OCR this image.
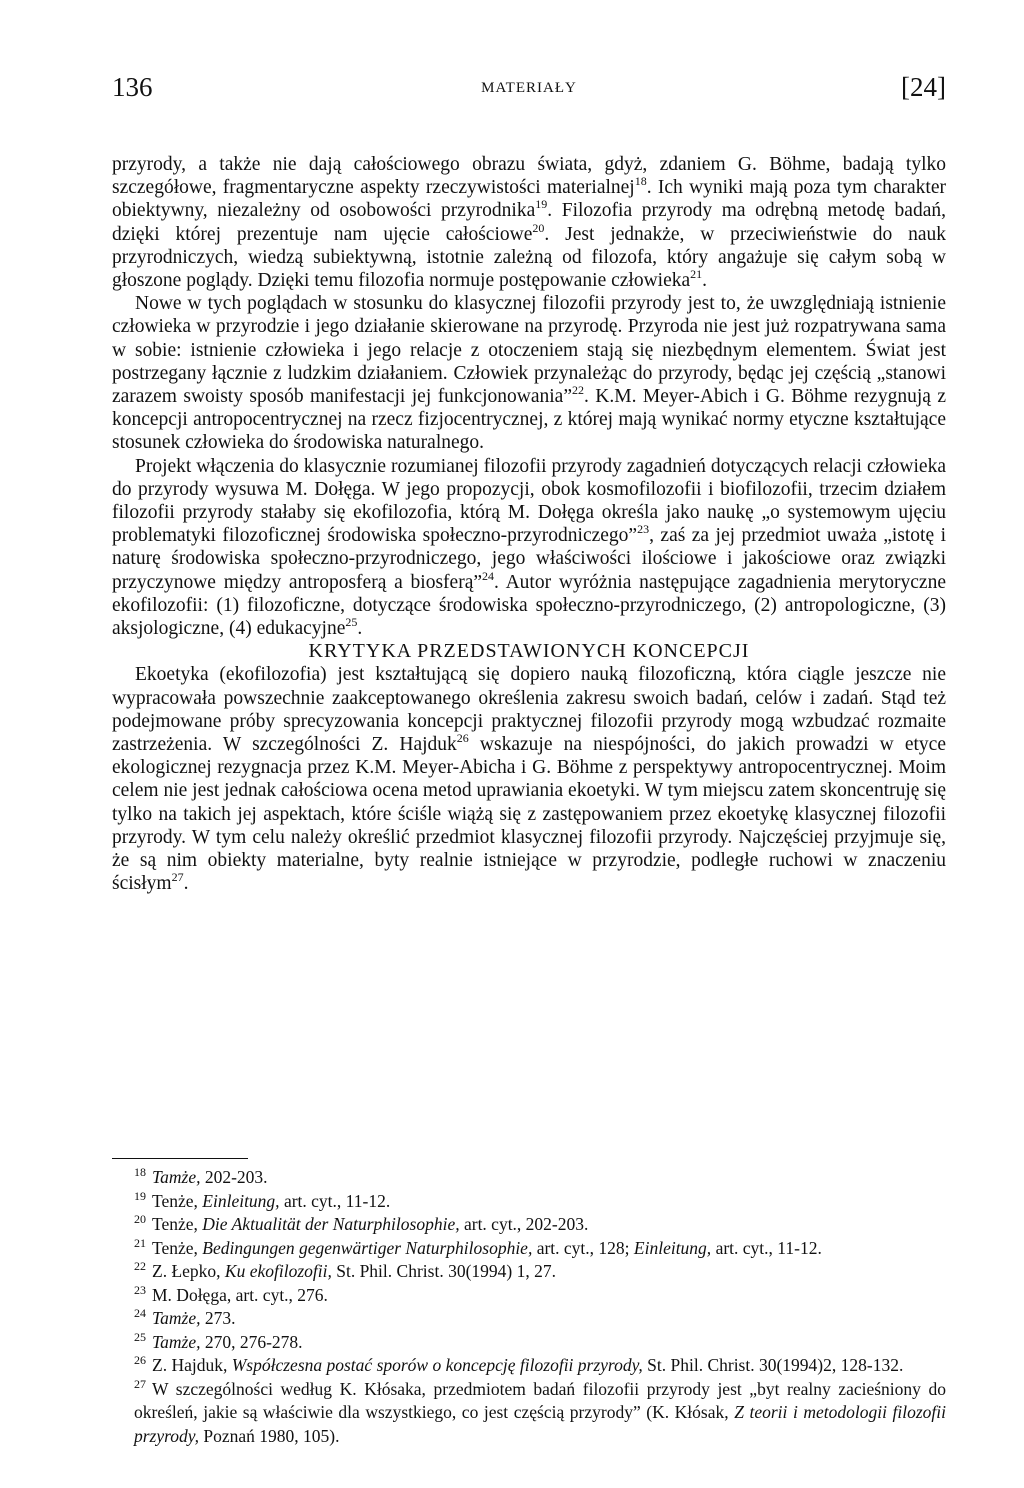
136	MATERIAŁY	[24]

przyrody, a także nie dają całościowego obrazu świata, gdyż, zdaniem G. Böhme, badają tylko szczegółowe, fragmentaryczne aspekty rzeczywistości materialnej$^{18}$. Ich wyniki mają poza tym charakter obiektywny, niezależny od osobowości przyrodnika$^{19}$. Filozofia przyrody ma odrębną metodę badań, dzięki której prezentuje nam ujęcie całościowe$^{20}$. Jest jednakże, w przeciwieństwie do nauk przyrodniczych, wiedzą subiektywną, istotnie zależną od filozofa, który angażuje się całym sobą w głoszone poglądy. Dzięki temu filozofia normuje postępowanie człowieka$^{21}$.

Nowe w tych poglądach w stosunku do klasycznej filozofii przyrody jest to, że uwzględniają istnienie człowieka w przyrodzie i jego działanie skierowane na przyrodę. Przyroda nie jest już rozpatrywana sama w sobie: istnienie człowieka i jego relacje z otoczeniem stają się niezbędnym elementem. Świat jest postrzegany łącznie z ludzkim działaniem. Człowiek przynależąc do przyrody, będąc jej częścią „stanowi zarazem swoisty sposób manifestacji jej funkcjonowania”$^{22}$. K.M. Meyer-Abich i G. Böhme rezygnują z koncepcji antropocentrycznej na rzecz fizjocentrycznej, z której mają wynikać normy etyczne kształtujące stosunek człowieka do środowiska naturalnego.

Projekt włączenia do klasycznie rozumianej filozofii przyrody zagadnień dotyczących relacji człowieka do przyrody wysuwa M. Dołęga. W jego propozycji, obok kosmofilozofii i biofilozofii, trzecim działem filozofii przyrody stałaby się ekofilozofia, którą M. Dołęga określa jako naukę „o systemowym ujęciu problematyki filozoficznej środowiska społeczno-przyrodniczego”$^{23}$, zaś za jej przedmiot uważa „istotę i naturę środowiska społeczno-przyrodniczego, jego właściwości ilościowe i jakościowe oraz związki przyczynowe między antroposferą a biosferą”$^{24}$. Autor wyróżnia następujące zagadnienia merytoryczne ekofilozofii: (1) filozoficzne, dotyczące środowiska społeczno-przyrodniczego, (2) antropologiczne, (3) aksjologiczne, (4) edukacyjne$^{25}$.

KRYTYKA PRZEDSTAWIONYCH KONCEPCJI

Ekoetyka (ekofilozofia) jest kształtującą się dopiero nauką filozoficzną, która ciągle jeszcze nie wypracowała powszechnie zaakceptowanego określenia zakresu swoich badań, celów i zadań. Stąd też podejmowane próby sprecyzowania koncepcji praktycznej filozofii przyrody mogą wzbudzać rozmaite zastrzeżenia. W szczególności Z. Hajduk$^{26}$ wskazuje na niespójności, do jakich prowadzi w etyce ekologicznej rezygnacja przez K.M. Meyer-Abicha i G. Böhme z perspektywy antropocentrycznej. Moim celem nie jest jednak całościowa ocena metod uprawiania ekoetyki. W tym miejscu zatem skoncentruję się tylko na takich jej aspektach, które ściśle wiążą się z zastępowaniem przez ekoetykę klasycznej filozofii przyrody. W tym celu należy określić przedmiot klasycznej filozofii przyrody. Najczęściej przyjmuje się, że są nim obiekty materialne, byty realnie istniejące w przyrodzie, podległe ruchowi w znaczeniu ścisłym$^{27}$.

$^{18}$ Tamże, 202-203.

$^{19}$ Tenże, Einleitung, art. cyt., 11-12.

$^{20}$ Tenże, Die Aktualität der Naturphilosophie, art. cyt., 202-203.

$^{21}$ Tenże, Bedingungen gegenwärtiger Naturphilosophie, art. cyt., 128; Einleitung, art. cyt., 11-12.

$^{22}$ Z. Łepko, Ku ekofilozofii, St. Phil. Christ. 30(1994) 1, 27.

$^{23}$ M. Dołęga, art. cyt., 276.

$^{24}$ Tamże, 273.

$^{25}$ Tamże, 270, 276-278.

$^{26}$ Z. Hajduk, Współczesna postać sporów o koncepcję filozofii przyrody, St. Phil. Christ. 30(1994)2, 128-132.

$^{27}$ W szczególności według K. Kłósaka, przedmiotem badań filozofii przyrody jest „byt realny zacieśniony do określeń, jakie są właściwie dla wszystkiego, co jest częścią przyrody” (K. Kłósak, Z teorii i metodologii filozofii przyrody, Poznań 1980, 105).
